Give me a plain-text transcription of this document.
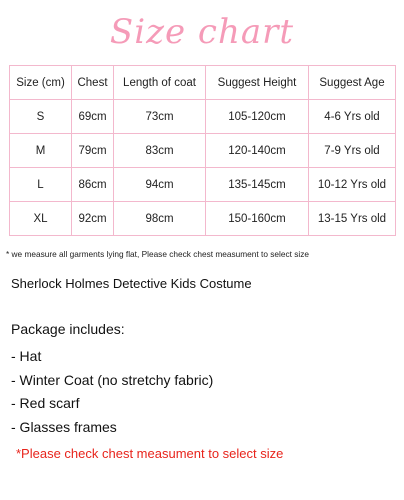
Size chart
Size (cm)	Chest	Length of coat	Suggest Height	Suggest Age
S	69cm	73cm	105-120cm	4-6 Yrs old
M	79cm	83cm	120-140cm	7-9 Yrs old
L	86cm	94cm	135-145cm	10-12 Yrs old
XL	92cm	98cm	150-160cm	13-15 Yrs old
* we measure all garments lying flat, Please check chest measument to select size
Sherlock Holmes Detective Kids Costume
Package includes:
- Hat
- Winter Coat (no stretchy fabric)
- Red scarf
- Glasses frames
*Please check chest measument to select size
